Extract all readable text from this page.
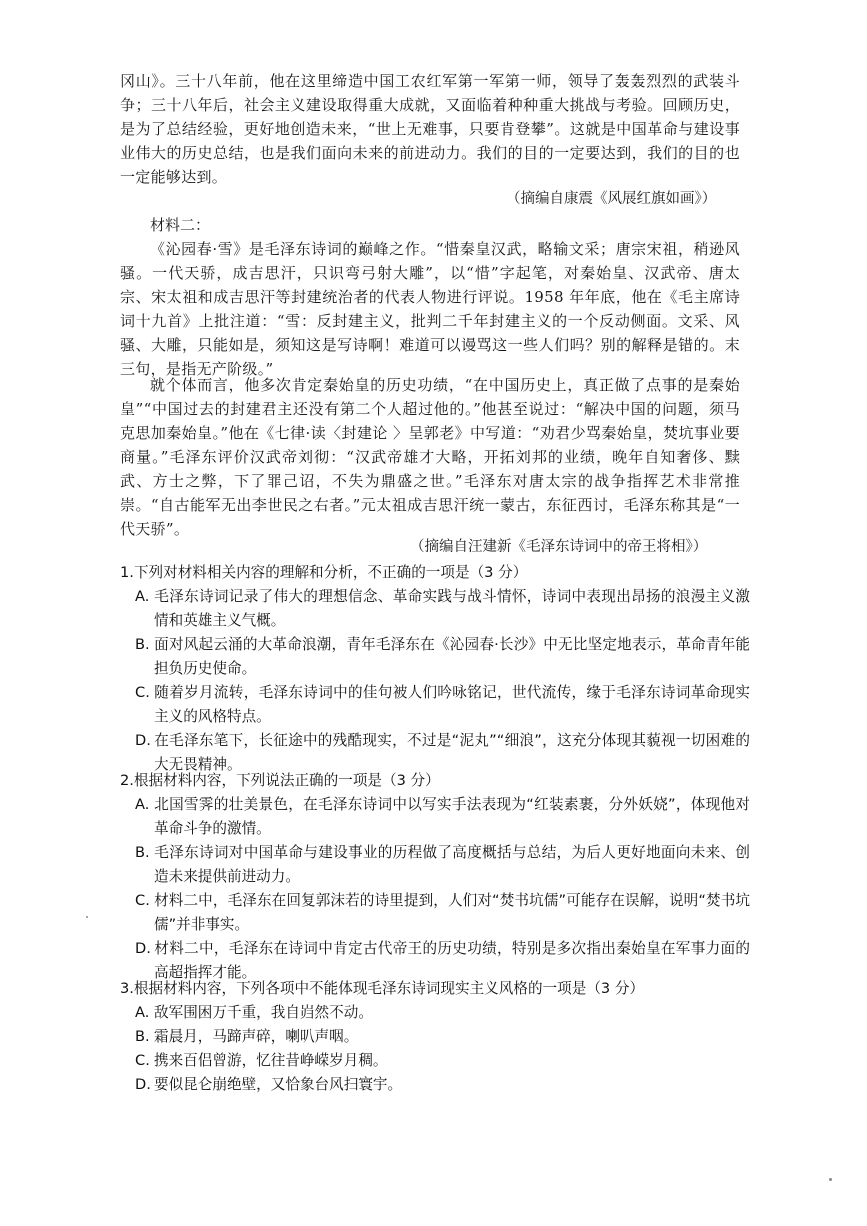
冈山》。三十八年前，他在这里缔造中国工农红军第一军第一师，领导了轰轰烈烈的武装斗争；三十八年后，社会主义建设取得重大成就，又面临着种种重大挑战与考验。回顾历史，是为了总结经验，更好地创造未来，“世上无难事，只要肯登攀”。这就是中国革命与建设事业伟大的历史总结，也是我们面向未来的前进动力。我们的目的一定要达到，我们的目的也一定能够达到。
（摘编自康震《风展红旗如画》）
材料二：
《沁园春·雪》是毛泽东诗词的巅峰之作。“惜秦皇汉武，略输文采；唐宗宋祖，稍逊风骚。一代天骄，成吉思汗，只识弯弓射大雕”，以“惜”字起笔，对秦始皇、汉武帝、唐太宗、宋太祖和成吉思汗等封建统治者的代表人物进行评说。1958 年年底，他在《毛主席诗词十九首》上批注道：“雪：反封建主义，批判二千年封建主义的一个反动侧面。文采、风骚、大雕，只能如是，须知这是写诗啊！难道可以谩骂这一些人们吗？别的解释是错的。末三句，是指无产阶级。”
就个体而言，他多次肯定秦始皇的历史功绩，“在中国历史上，真正做了点事的是秦始皇”“中国过去的封建君主还没有第二个人超过他的。”他甚至说过：“解决中国的问题，须马克思加秦始皇。”他在《七律·读〈封建论 〉呈郭老》中写道：“劝君少骂秦始皇，焚坑事业要商量。”毛泽东评价汉武帝刘彻：“汉武帝雄才大略，开拓刘邦的业绩，晚年自知奢侈、黩武、方士之弊，下了罪己诏，不失为鼎盛之世。”毛泽东对唐太宗的战争指挥艺术非常推崇。“自古能军无出李世民之右者。”元太祖成吉思汗统一蒙古，东征西讨，毛泽东称其是“一代天骄”。
（摘编自汪建新《毛泽东诗词中的帝王将相》）
1.下列对材料相关内容的理解和分析，不正确的一项是（3 分）
A. 毛泽东诗词记录了伟大的理想信念、革命实践与战斗情怀，诗词中表现出昂扬的浪漫主义激情和英雄主义气概。
B. 面对风起云涌的大革命浪潮，青年毛泽东在《沁园春·长沙》中无比坚定地表示，革命青年能担负历史使命。
C. 随着岁月流转，毛泽东诗词中的佳句被人们吟咏铭记，世代流传，缘于毛泽东诗词革命现实主义的风格特点。
D. 在毛泽东笔下，长征途中的残酷现实，不过是“泥丸”“细浪”，这充分体现其藐视一切困难的大无畏精神。
2.根据材料内容，下列说法正确的一项是（3 分）
A. 北国雪霁的壮美景色，在毛泽东诗词中以写实手法表现为“红装素裹，分外妖娆”，体现他对革命斗争的激情。
B. 毛泽东诗词对中国革命与建设事业的历程做了高度概括与总结，为后人更好地面向未来、创造未来提供前进动力。
C. 材料二中，毛泽东在回复郭沫若的诗里提到，人们对“焚书坑儒”可能存在误解，说明“焚书坑儒”并非事实。
D. 材料二中，毛泽东在诗词中肯定古代帝王的历史功绩，特别是多次指出秦始皇在军事力面的高超指挥才能。
3.根据材料内容，下列各项中不能体现毛泽东诗词现实主义风格的一项是（3 分）
A. 敌军围困万千重，我自岿然不动。
B. 霜晨月，马蹄声碎，喇叭声咽。
C. 携来百侣曾游，忆往昔峥嵘岁月稠。
D. 要似昆仑崩绝壁，又恰象台风扫寰宇。
